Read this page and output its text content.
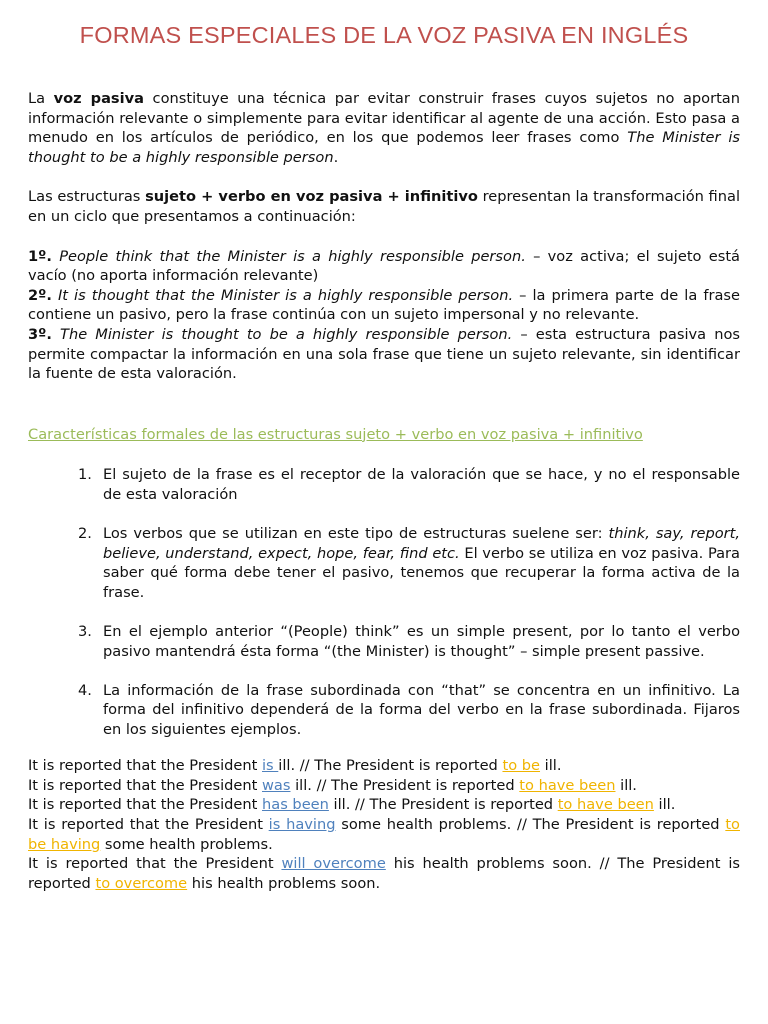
FORMAS ESPECIALES DE LA VOZ PASIVA EN INGLÉS

La voz pasiva constituye una técnica par evitar construir frases cuyos sujetos no aportan información relevante o simplemente para evitar identificar al agente de una acción. Esto pasa a menudo en los artículos de periódico, en los que podemos leer frases como The Minister is thought to be a highly responsible person.

Las estructuras sujeto + verbo en voz pasiva + infinitivo representan la transformación final en un ciclo que presentamos a continuación:

1º. People think that the Minister is a highly responsible person. – voz activa; el sujeto está vacío (no aporta información relevante)
2º. It is thought that the Minister is a highly responsible person. – la primera parte de la frase contiene un pasivo, pero la frase continúa con un sujeto impersonal y no relevante.
3º. The Minister is thought to be a highly responsible person. – esta estructura pasiva nos permite compactar la información en una sola frase que tiene un sujeto relevante, sin identificar la fuente de esta valoración.

Características formales de las estructuras sujeto + verbo en voz pasiva + infinitivo
1. El sujeto de la frase es el receptor de la valoración que se hace, y no el responsable de esta valoración
2. Los verbos que se utilizan en este tipo de estructuras suelene ser: think, say, report, believe, understand, expect, hope, fear, find etc. El verbo se utiliza en voz pasiva. Para saber qué forma debe tener el pasivo, tenemos que recuperar la forma activa de la frase.
3. En el ejemplo anterior “(People) think” es un simple present, por lo tanto el verbo pasivo mantendrá ésta forma “(the Minister) is thought” – simple present passive.
4. La información de la frase subordinada con “that” se concentra en un infinitivo. La forma del infinitivo dependerá de la forma del verbo en la frase subordinada. Fijaros en los siguientes ejemplos.

It is reported that the President is ill. // The President is reported to be ill.

It is reported that the President was ill. // The President is reported to have been ill.

It is reported that the President has been ill. // The President is reported to have been ill.

It is reported that the President is having some health problems. // The President is reported to be having some health problems.

It is reported that the President will overcome his health problems soon. // The President is reported to overcome his health problems soon.
